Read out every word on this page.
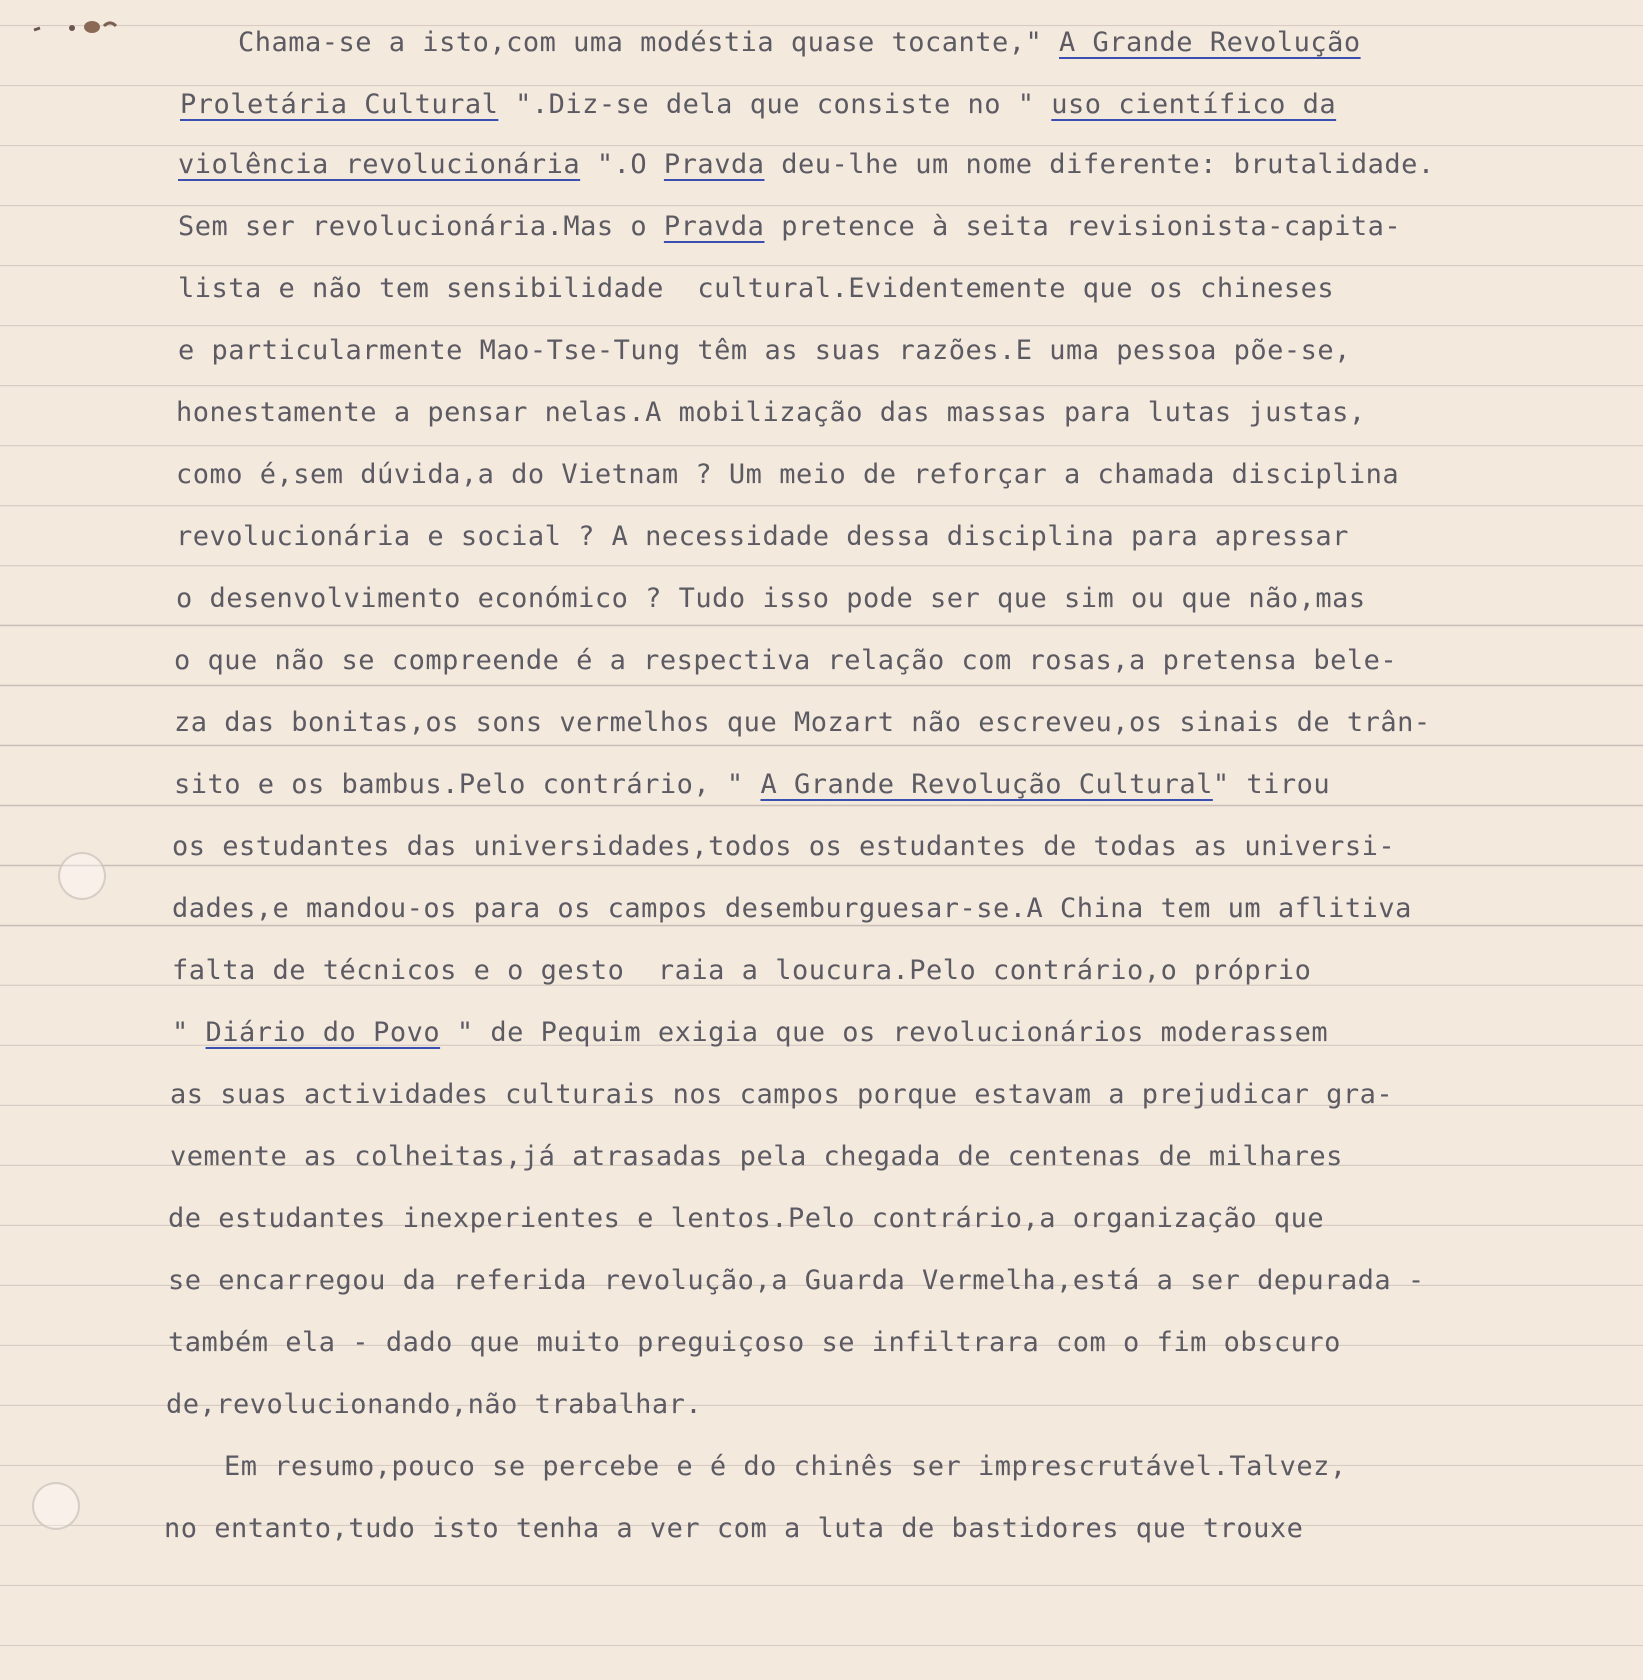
Chama-se a isto,com uma modéstia quase tocante," A Grande Revolução
Proletária Cultural ".Diz-se dela que consiste no " uso científico da
violência revolucionária ".O Pravda deu-lhe um nome diferente: brutalidade.
Sem ser revolucionária.Mas o Pravda pretence à seita revisionista-capita-
lista e não tem sensibilidade  cultural.Evidentemente que os chineses
e particularmente Mao-Tse-Tung têm as suas razões.E uma pessoa põe-se,
honestamente a pensar nelas.A mobilização das massas para lutas justas,
como é,sem dúvida,a do Vietnam ? Um meio de reforçar a chamada disciplina
revolucionária e social ? A necessidade dessa disciplina para apressar
o desenvolvimento económico ? Tudo isso pode ser que sim ou que não,mas
o que não se compreende é a respectiva relação com rosas,a pretensa bele-
za das bonitas,os sons vermelhos que Mozart não escreveu,os sinais de trân-
sito e os bambus.Pelo contrário, " A Grande Revolução Cultural" tirou
os estudantes das universidades,todos os estudantes de todas as universi-
dades,e mandou-os para os campos desemburguesar-se.A China tem um aflitiva
falta de técnicos e o gesto  raia a loucura.Pelo contrário,o próprio
" Diário do Povo " de Pequim exigia que os revolucionários moderassem
as suas actividades culturais nos campos porque estavam a prejudicar gra-
vemente as colheitas,já atrasadas pela chegada de centenas de milhares
de estudantes inexperientes e lentos.Pelo contrário,a organização que
se encarregou da referida revolução,a Guarda Vermelha,está a ser depurada -
também ela - dado que muito preguiçoso se infiltrara com o fim obscuro
de,revolucionando,não trabalhar.
Em resumo,pouco se percebe e é do chinês ser imprescrutável.Talvez,
no entanto,tudo isto tenha a ver com a luta de bastidores que trouxe
